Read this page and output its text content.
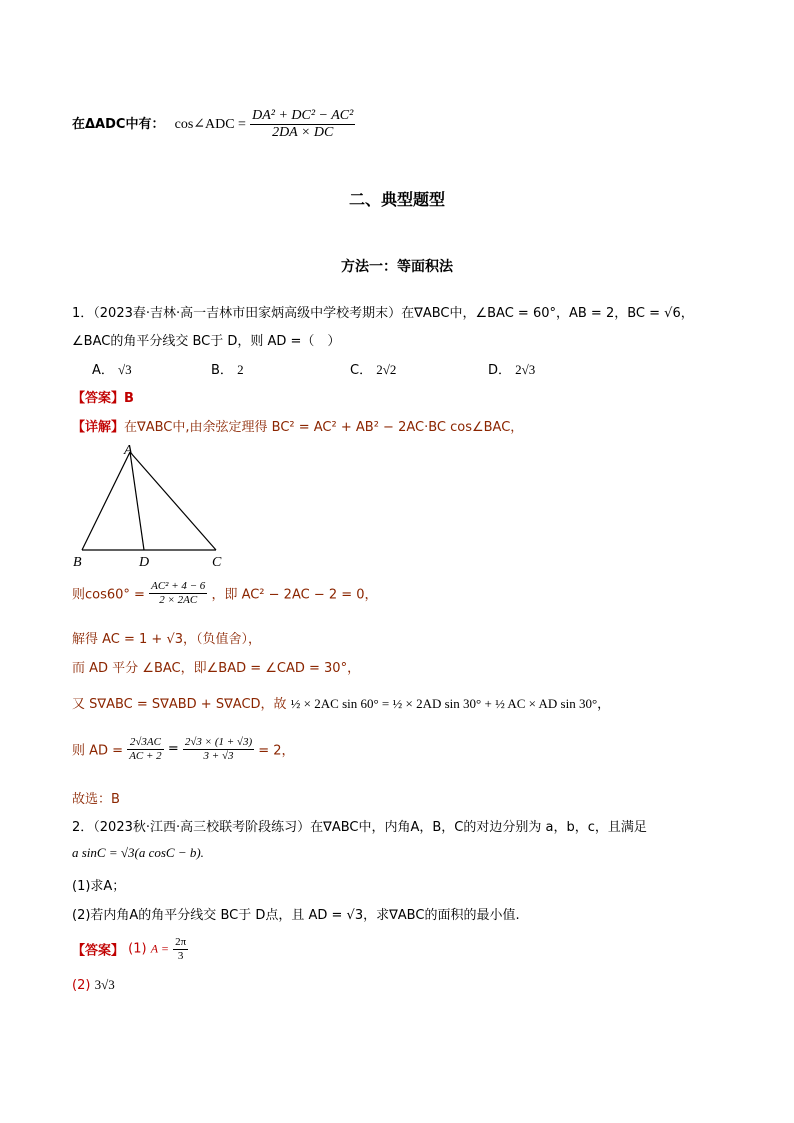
在ΔADC中有： cos∠ADC = $\frac{\text{DA² + DC² − AC²}}{2DA \times DC}$
二、典型题型
方法一：等面积法
1．（2023春·吉林·高一吉林市田家炳高级中学校考期末）在∇ABC中，∠BAC = 60°，AB = 2，BC = √6，
∠BAC的角平分线交 BC于 D，则 AD =（　）
A． √3	B． 2	C． 2√2	D． 2√3
【答案】B
【详解】在∇ABC中,由余弦定理得 BC² = AC² + AB² − 2AC·BC cos∠BAC，
A
B	D	C
则$\cos 60^\circ = \frac{\text{AC² + 4 − 6}}{2 \times 2AC}$ ，即 AC² − 2AC − 2 = 0，
解得 AC = 1 + √3，（负值舍），
而 AD 平分 ∠BAC，即∠BAD = ∠CAD = 30°，
又 S∇ABC = S∇ABD + S∇ACD，故 ½ × 2AC sin 60° = ½ × 2AD sin 30° + ½ AC × AD sin 30°，
则 AD = $\frac{2√3AC}{AC + 2} = \frac{2√3 \times (1 + √3)}{3 + √3} = 2$，
故选：B
2．（2023秋·江西·高三校联考阶段练习）在∇ABC中，内角A，B，C的对边分别为 a，b，c，且满足
a sinC = √3(a cosC − b).
(1)求A；
(2)若内角A的角平分线交 BC于 D点，且 AD = √3，求∇ABC的面积的最小值.
【答案】 (1) $A = \frac{2\pi}{3}$
(2) 3√3
